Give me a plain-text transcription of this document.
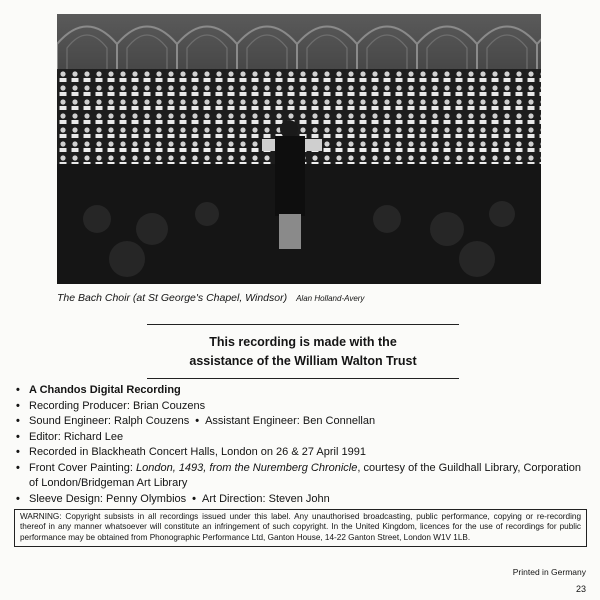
The Bach Choir (at St George's Chapel, Windsor) Alan Holland-Avery
This recording is made with the
assistance of the William Walton Trust
• A Chandos Digital Recording
• Recording Producer: Brian Couzens
• Sound Engineer: Ralph Couzens • Assistant Engineer: Ben Connellan
• Editor: Richard Lee
• Recorded in Blackheath Concert Halls, London on 26 & 27 April 1991
• Front Cover Painting: London, 1493, from the Nuremberg Chronicle, courtesy of the Guildhall Library, Corporation of London/Bridgeman Art Library
• Sleeve Design: Penny Olymbios • Art Direction: Steven John
WARNING: Copyright subsists in all recordings issued under this label. Any unauthorised broadcasting, public performance, copying or re-recording thereof in any manner whatsoever will constitute an infringement of such copyright. In the United Kingdom, licences for the use of recordings for public performance may be obtained from Phonographic Performance Ltd, Ganton House, 14-22 Ganton Street, London W1V 1LB.
Printed in Germany
23
